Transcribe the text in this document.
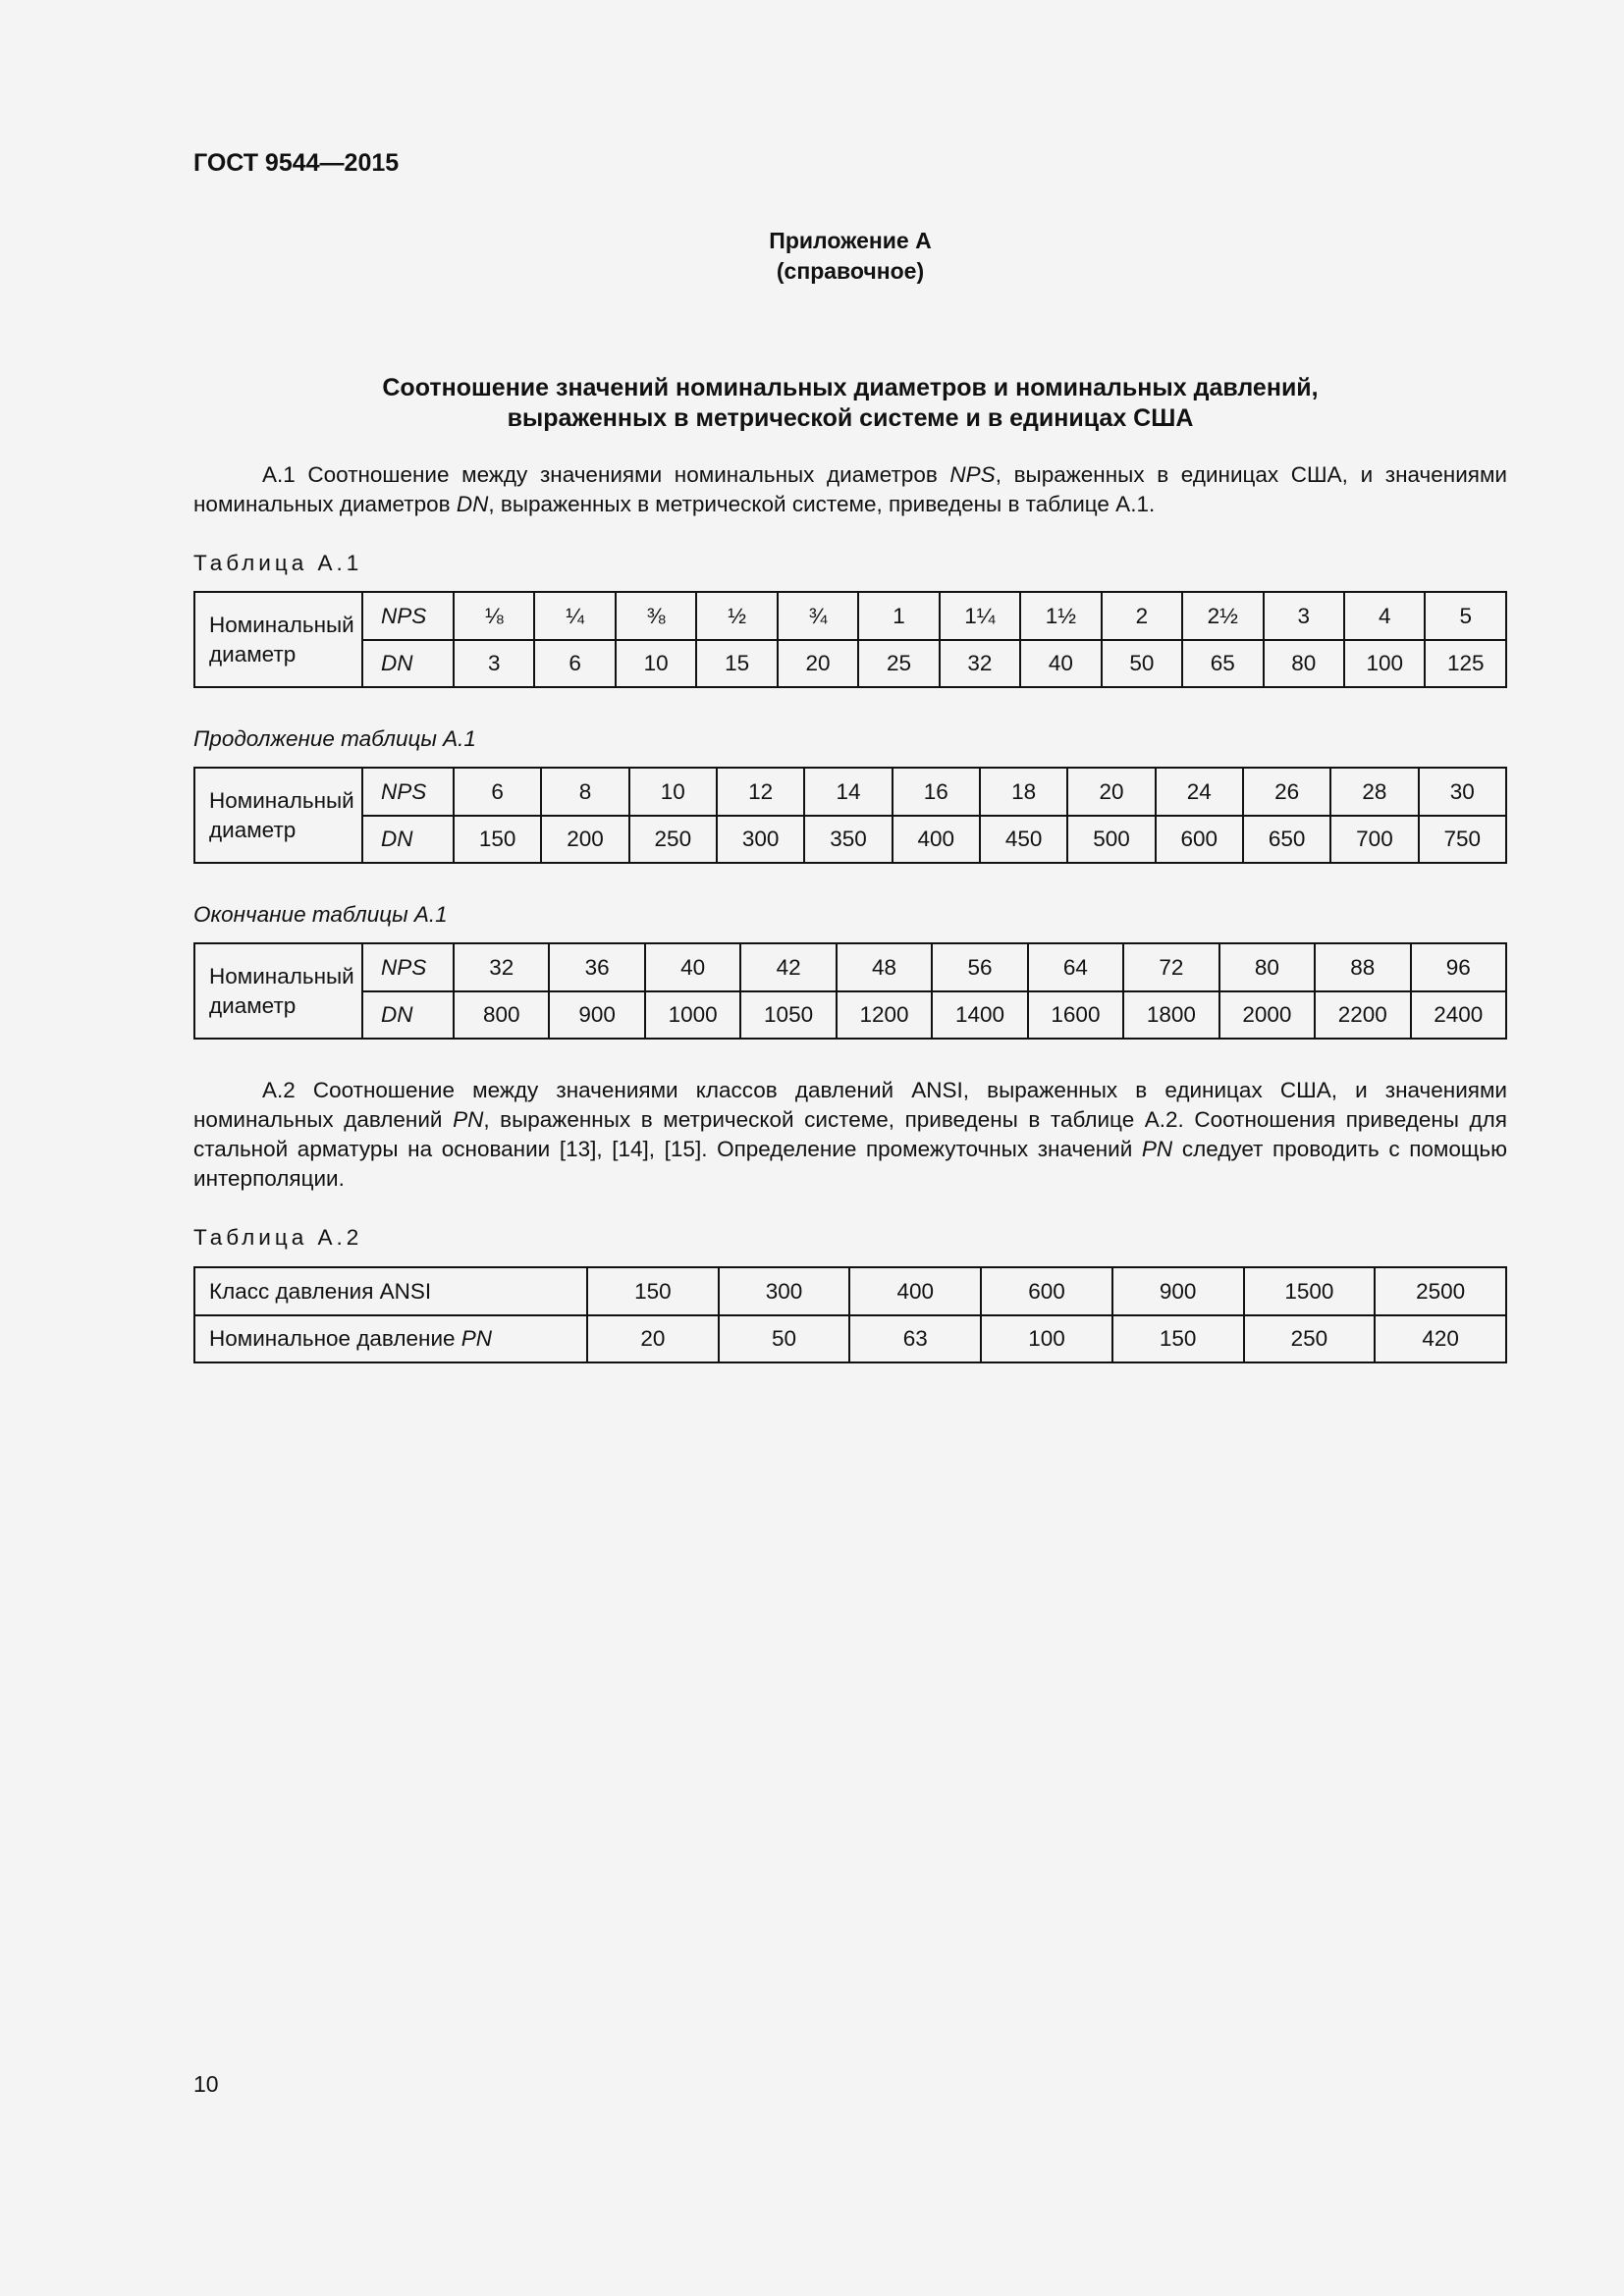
ГОСТ 9544—2015
Приложение А
(справочное)
Соотношение значений номинальных диаметров и номинальных давлений,
выраженных в метрической системе и в единицах США

А.1 Соотношение между значениями номинальных диаметров NPS, выраженных в единицах США, и значениями номинальных диаметров DN, выраженных в метрической системе, приведены в таблице А.1.

Таблица А.1
Номинальный диаметр	NPS	⅛	¼	⅜	½	¾	1	1¼	1½	2	2½	3	4	5
	DN	3	6	10	15	20	25	32	40	50	65	80	100	125
Продолжение таблицы А.1
Номинальный диаметр	NPS	6	8	10	12	14	16	18	20	24	26	28	30
	DN	150	200	250	300	350	400	450	500	600	650	700	750
Окончание таблицы А.1
Номинальный диаметр	NPS	32	36	40	42	48	56	64	72	80	88	96
	DN	800	900	1000	1050	1200	1400	1600	1800	2000	2200	2400

А.2 Соотношение между значениями классов давлений ANSI, выраженных в единицах США, и значениями номинальных давлений PN, выраженных в метрической системе, приведены в таблице А.2. Соотношения приведены для стальной арматуры на основании [13], [14], [15]. Определение промежуточных значений PN следует проводить с помощью интерполяции.

Таблица А.2
Класс давления ANSI	150	300	400	600	900	1500	2500
Номинальное давление PN	20	50	63	100	150	250	420
10
